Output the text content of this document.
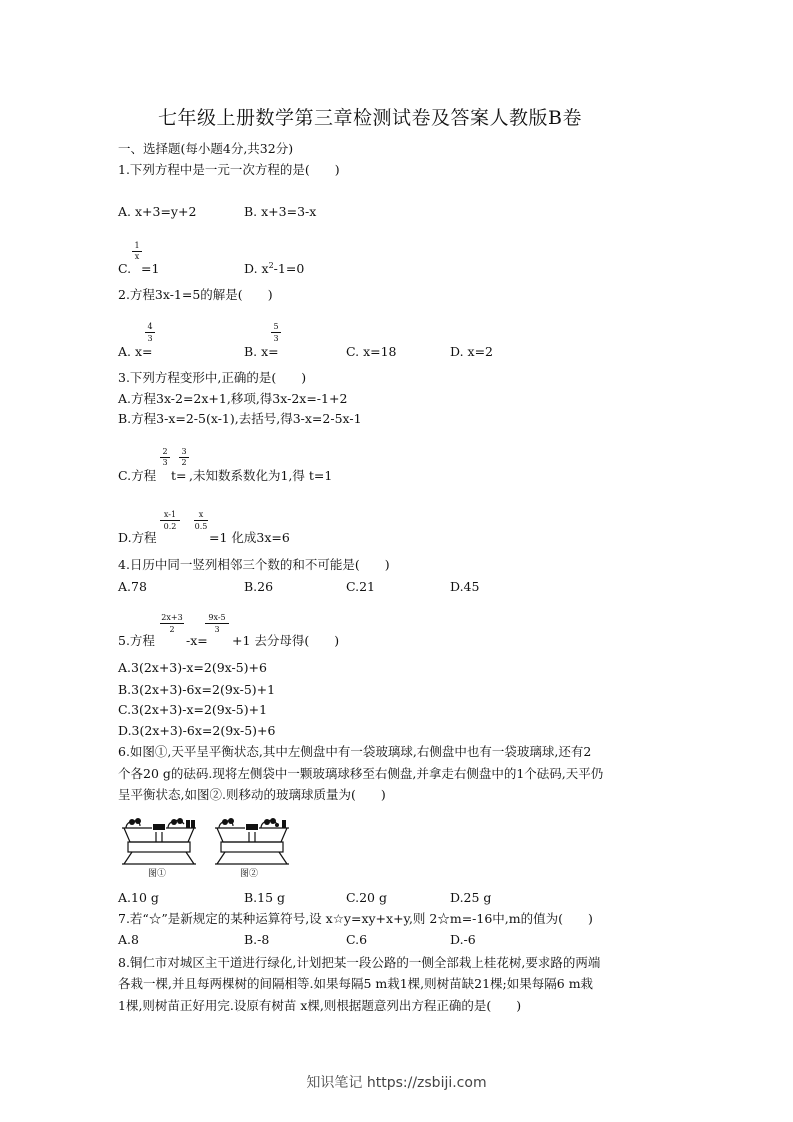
七年级上册数学第三章检测试卷及答案人教版B卷
一、选择题(每小题4分,共32分)
1.下列方程中是一元一次方程的是(　　)
A. x+3=y+2	B. x+3=3-x
C.
1
x
=1	D. $x^2-1=0$
2.方程3x-1=5的解是(　　)
A. x=
4
3
B. x=
5
3
C. x=18	D. x=2
3.下列方程变形中,正确的是(　　)
A.方程3x-2=2x+1,移项,得3x-2x=-1+2
B.方程3-x=2-5(x-1),去括号,得3-x=2-5x-1
C.方程
2
3
t=
3
2
,未知数系数化为1,得 t=1
D.方程
x-1
0.2
x
0.5
=1 化成3x=6
4.日历中同一竖列相邻三个数的和不可能是(　　)
A.78	B.26	C.21	D.45
5.方程
2x+3
2
-x=
9x-5
3
+1 去分母得(　　)
A.3(2x+3)-x=2(9x-5)+6
B.3(2x+3)-6x=2(9x-5)+1
C.3(2x+3)-x=2(9x-5)+1
D.3(2x+3)-6x=2(9x-5)+6
6.如图①,天平呈平衡状态,其中左侧盘中有一袋玻璃球,右侧盘中也有一袋玻璃球,还有2
个各20 g的砝码.现将左侧袋中一颗玻璃球移至右侧盘,并拿走右侧盘中的1个砝码,天平仍
呈平衡状态,如图②.则移动的玻璃球质量为(　　)
图①	图②
A.10 g	B.15 g	C.20 g	D.25 g
7.若“☆”是新规定的某种运算符号,设 x☆y=xy+x+y,则 2☆m=-16中,m的值为(　　)
A.8	B.-8	C.6	D.-6
8.铜仁市对城区主干道进行绿化,计划把某一段公路的一侧全部栽上桂花树,要求路的两端
各栽一棵,并且每两棵树的间隔相等.如果每隔5 m栽1棵,则树苗缺21棵;如果每隔6 m栽
1棵,则树苗正好用完.设原有树苗 x棵,则根据题意列出方程正确的是(　　)
知识笔记 https://zsbiji.com
